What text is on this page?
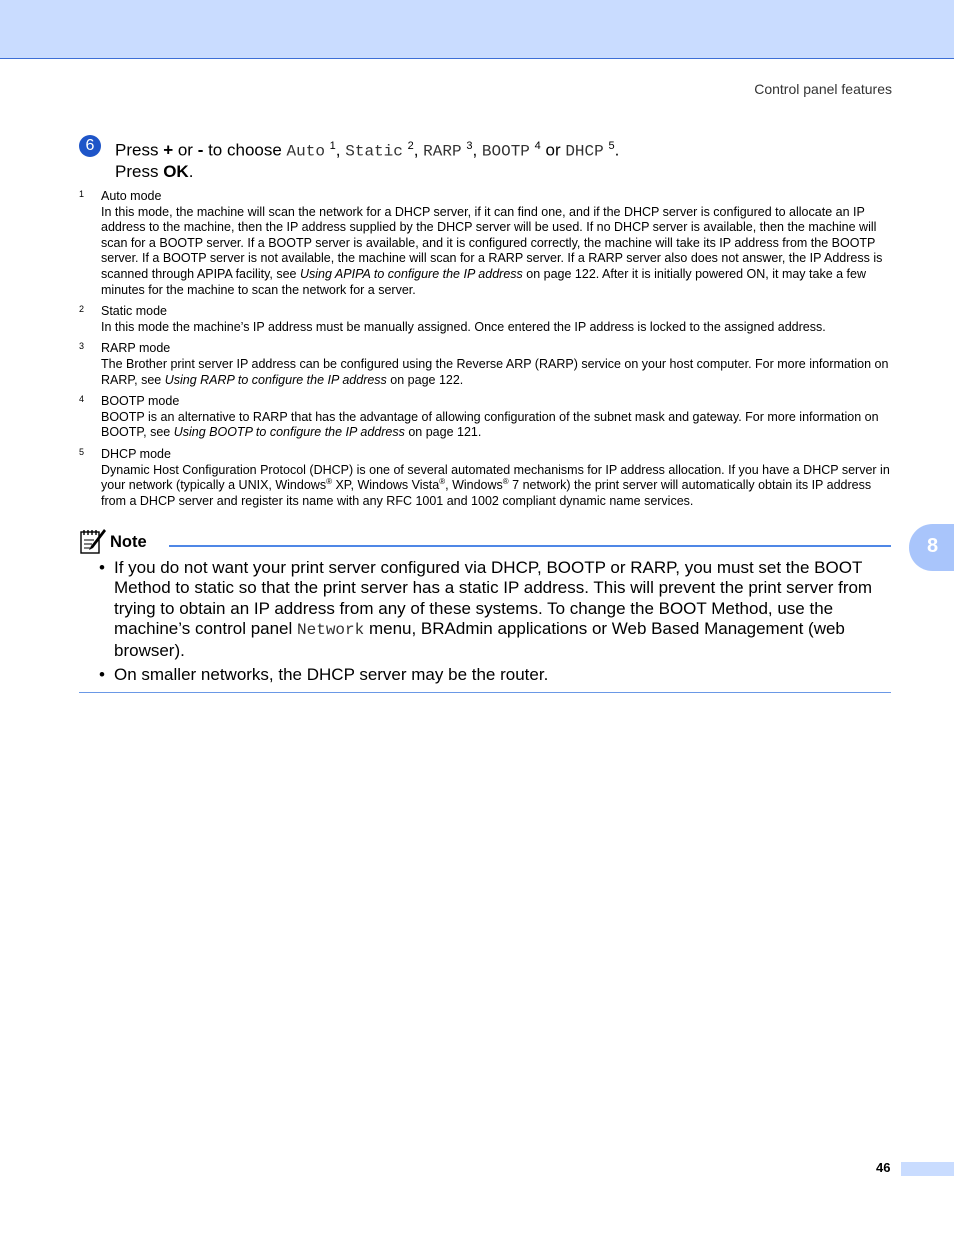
Control panel features
6	Press + or - to choose Auto $^1$, Static $^2$, RARP $^3$, BOOTP $^4$ or DHCP $^5$.
Press OK.
1 Auto mode
In this mode, the machine will scan the network for a DHCP server, if it can find one, and if the DHCP server is configured to allocate an IP address to the machine, then the IP address supplied by the DHCP server will be used. If no DHCP server is available, then the machine will scan for a BOOTP server. If a BOOTP server is available, and it is configured correctly, the machine will take its IP address from the BOOTP server. If a BOOTP server is not available, the machine will scan for a RARP server. If a RARP server also does not answer, the IP Address is scanned through APIPA facility, see Using APIPA to configure the IP address on page 122. After it is initially powered ON, it may take a few minutes for the machine to scan the network for a server.
2 Static mode
In this mode the machine’s IP address must be manually assigned. Once entered the IP address is locked to the assigned address.
3 RARP mode
The Brother print server IP address can be configured using the Reverse ARP (RARP) service on your host computer. For more information on RARP, see Using RARP to configure the IP address on page 122.
4 BOOTP mode
BOOTP is an alternative to RARP that has the advantage of allowing configuration of the subnet mask and gateway. For more information on BOOTP, see Using BOOTP to configure the IP address on page 121.
5 DHCP mode
Dynamic Host Configuration Protocol (DHCP) is one of several automated mechanisms for IP address allocation. If you have a DHCP server in your network (typically a UNIX, Windows® XP, Windows Vista®, Windows® 7 network) the print server will automatically obtain its IP address from a DHCP server and register its name with any RFC 1001 and 1002 compliant dynamic name services.
Note
• If you do not want your print server configured via DHCP, BOOTP or RARP, you must set the BOOT Method to static so that the print server has a static IP address. This will prevent the print server from trying to obtain an IP address from any of these systems. To change the BOOT Method, use the machine’s control panel Network menu, BRAdmin applications or Web Based Management (web browser).
• On smaller networks, the DHCP server may be the router.
8
46
